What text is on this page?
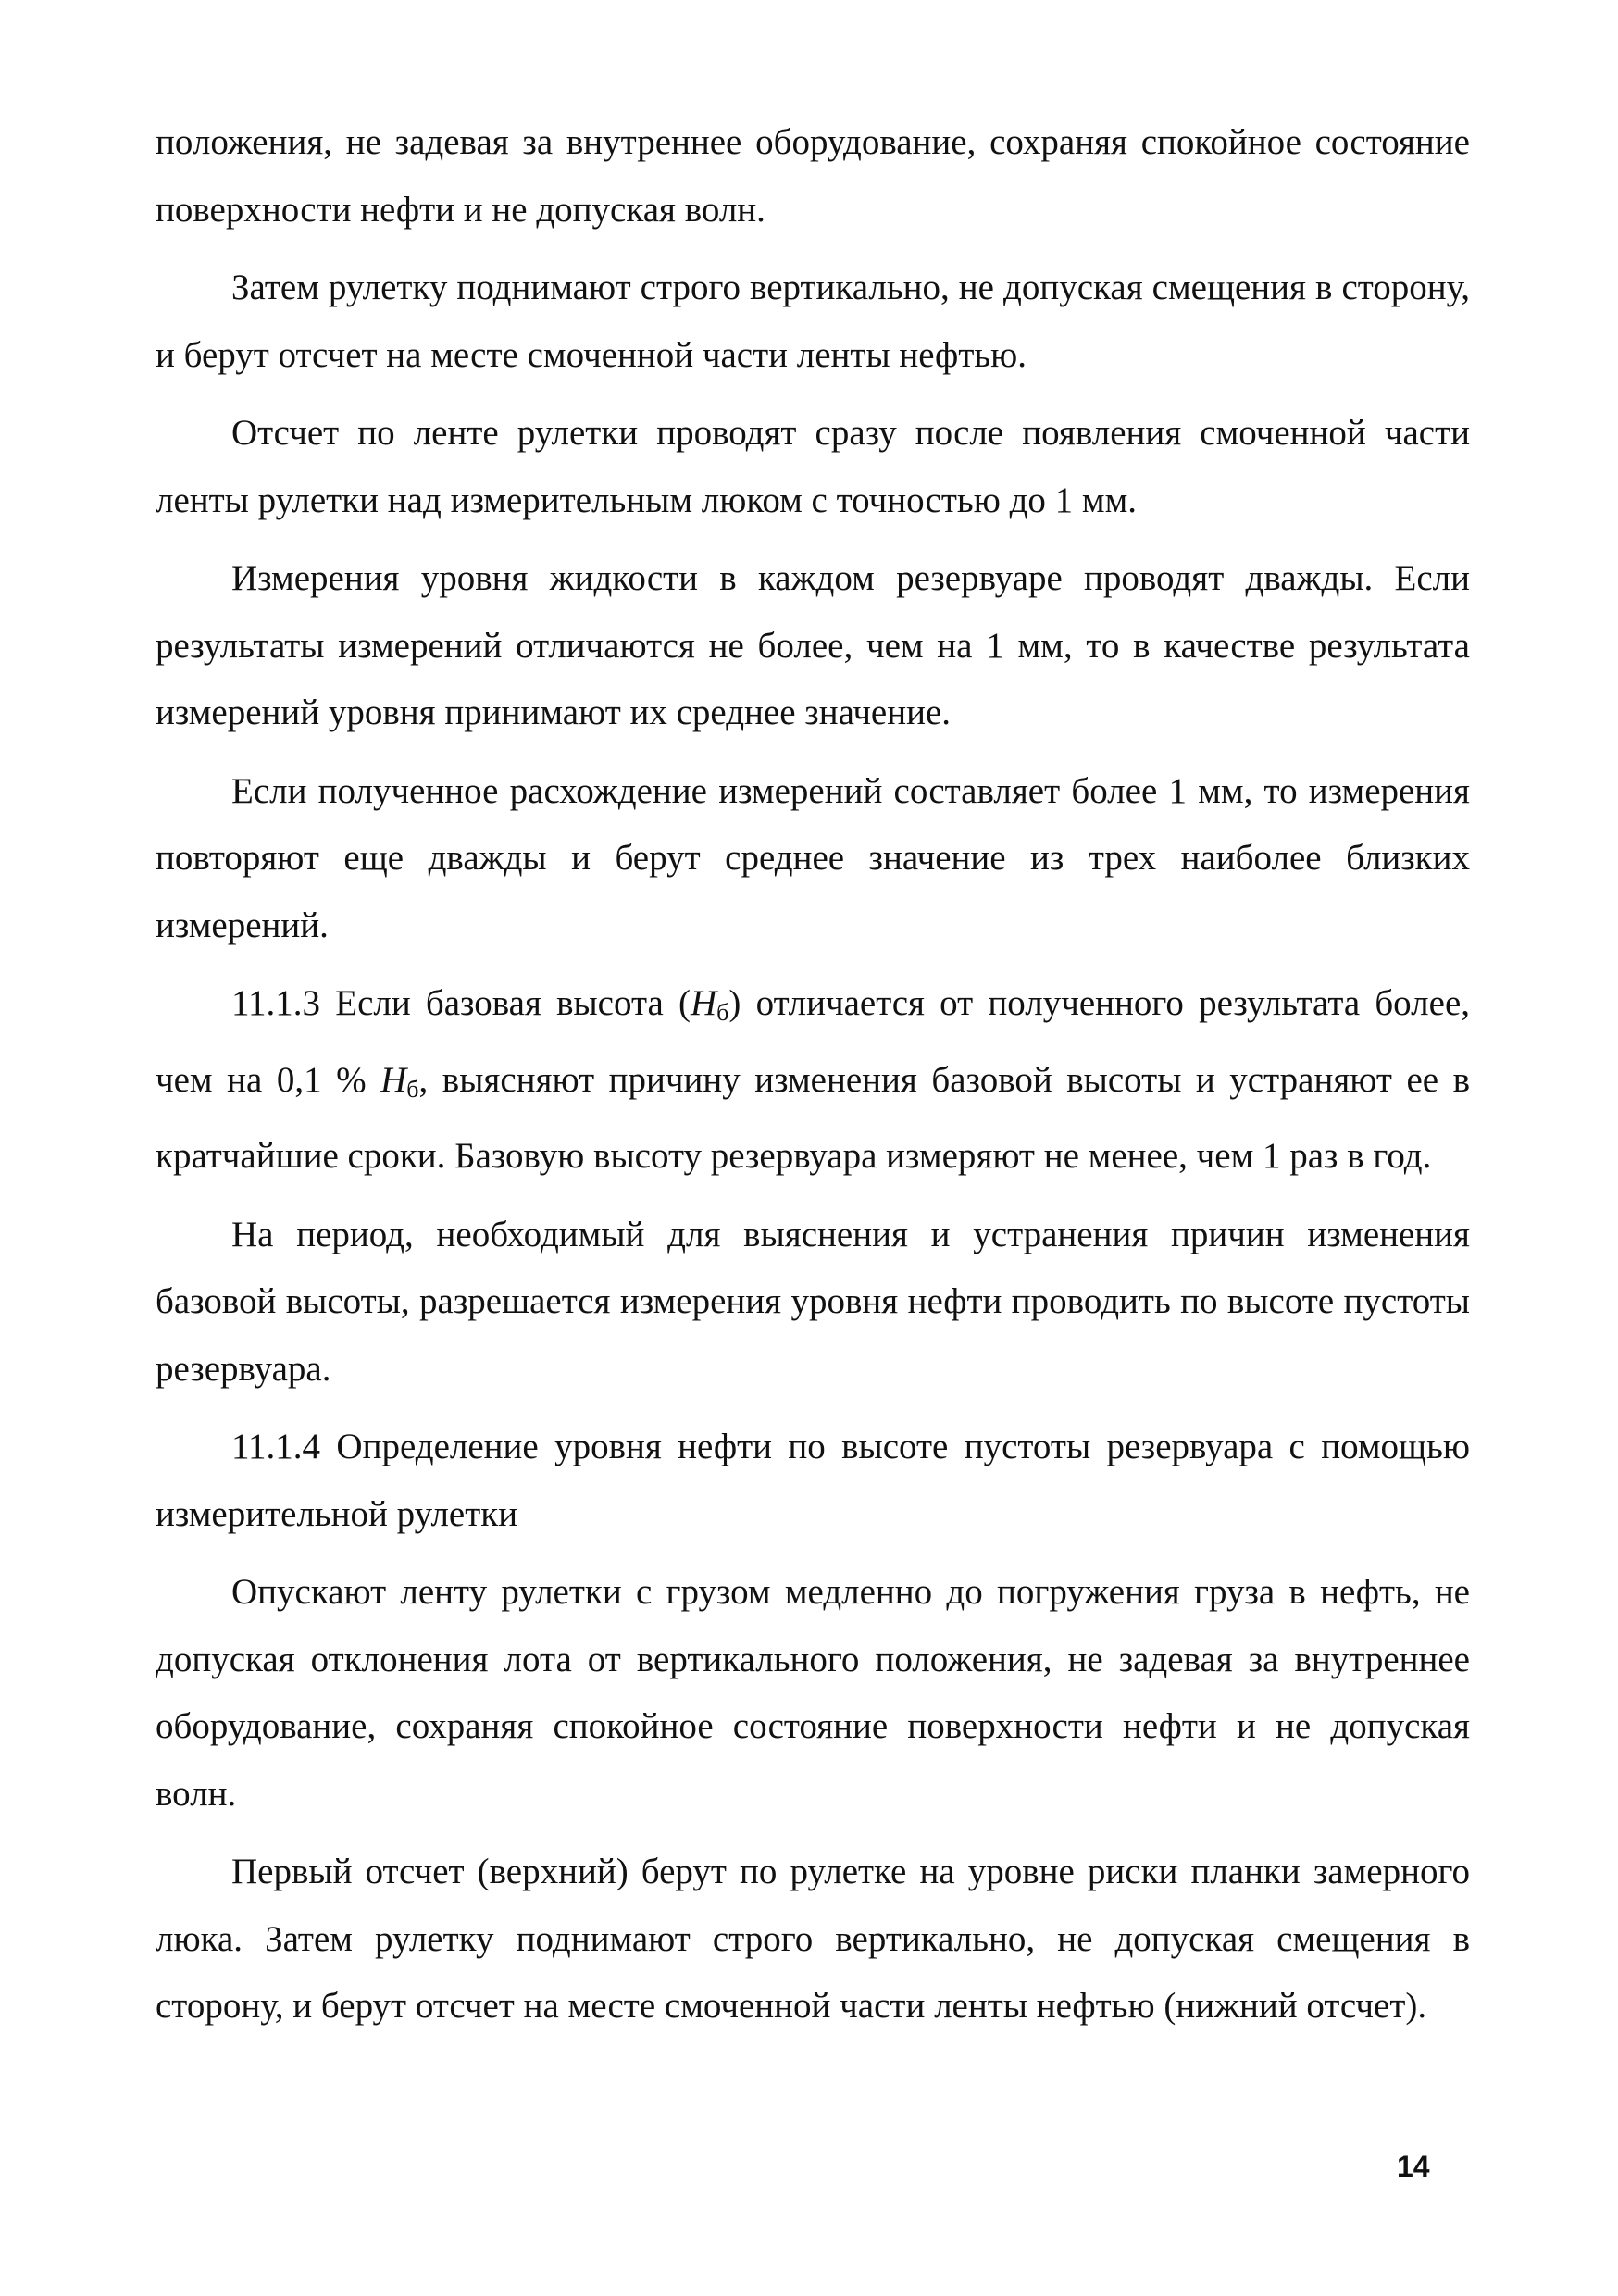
положения, не задевая за внутреннее оборудование, сохраняя спокойное состояние поверхности нефти и не допуская волн.

Затем рулетку поднимают строго вертикально, не допуская смещения в сторону, и берут отсчет на месте смоченной части ленты нефтью.

Отсчет по ленте рулетки проводят сразу после появления смоченной части ленты рулетки над измерительным люком с точностью до 1 мм.

Измерения уровня жидкости в каждом резервуаре проводят дважды. Если результаты измерений отличаются не более, чем на 1 мм, то в качестве результата измерений уровня принимают их среднее значение.

Если полученное расхождение измерений составляет более 1 мм, то измерения повторяют еще дважды и берут среднее значение из трех наиболее близких измерений.

11.1.3 Если базовая высота $(Н_б)$ отличается от полученного результата более, чем на 0,1 % $Н_б$, выясняют причину изменения базовой высоты и устраняют ее в кратчайшие сроки. Базовую высоту резервуара измеряют не менее, чем 1 раз в год.

На период, необходимый для выяснения и устранения причин изменения базовой высоты, разрешается измерения уровня нефти проводить по высоте пустоты резервуара.

11.1.4 Определение уровня нефти по высоте пустоты резервуара с помощью измерительной рулетки

Опускают ленту рулетки с грузом медленно до погружения груза в нефть, не допуская отклонения лота от вертикального положения, не задевая за внутреннее оборудование, сохраняя спокойное состояние поверхности нефти и не допуская волн.

Первый отсчет (верхний) берут по рулетке на уровне риски планки замерного люка. Затем рулетку поднимают строго вертикально, не допуская смещения в сторону, и берут отсчет на месте смоченной части ленты нефтью (нижний отсчет).

14
